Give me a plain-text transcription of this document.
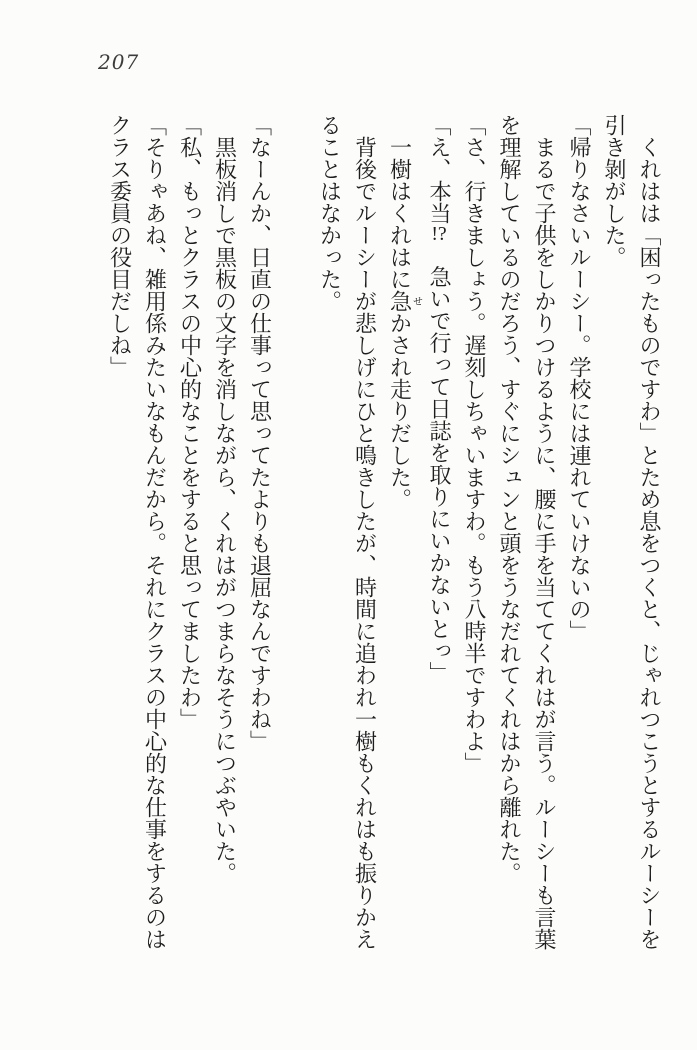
207

　くれはは「困ったものですわ」とため息をつくと、じゃれつこうとするルーシーを

引き剝がした。

「帰りなさいルーシー。学校には連れていけないの」

　まるで子供をしかりつけるように、腰に手を当ててくれはが言う。ルーシーも言葉

を理解しているのだろう、すぐにシュンと頭をうなだれてくれはから離れた。

「さ、行きましょう。遅刻しちゃいますわ。もう八時半ですわよ」

「え、本当!?　急いで行って日誌を取りにいかないとっ」

　一樹はくれはに急せかされ走りだした。

　背後でルーシーが悲しげにひと鳴きしたが、時間に追われ一樹もくれはも振りかえ

ることはなかった。

「なーんか、日直の仕事って思ってたよりも退屈なんですわね」

　黒板消しで黒板の文字を消しながら、くれはがつまらなそうにつぶやいた。

「私、もっとクラスの中心的なことをすると思ってましたわ」

「そりゃあね、雑用係みたいなもんだから。それにクラスの中心的な仕事をするのは

クラス委員の役目だしね」
